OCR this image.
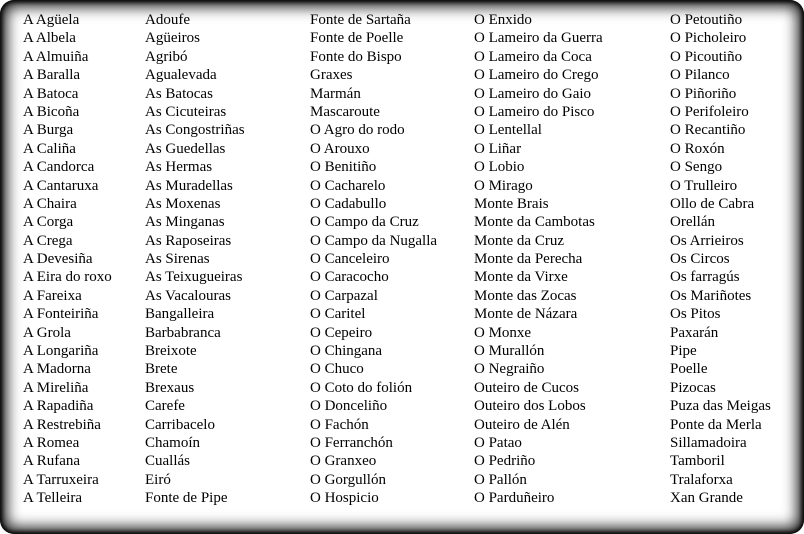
A Agüela
A Albela
A Almuiña
A Baralla
A Batoca
A Bicoña
A Burga
A Caliña
A Candorca
A Cantaruxa
A Chaira
A Corga
A Crega
A Devesiña
A Eira do roxo
A Fareixa
A Fonteiriña
A Grola
A Longariña
A Madorna
A Mireliña
A Rapadiña
A Restrebiña
A Romea
A Rufana
A Tarruxeira
A Telleira
Adoufe
Agüeiros
Agribó
Agualevada
As Batocas
As Cicuteiras
As Congostriñas
As Guedellas
As Hermas
As Muradellas
As Moxenas
As Minganas
As Raposeiras
As Sirenas
As Teixugueiras
As Vacalouras
Bangalleira
Barbabranca
Breixote
Brete
Brexaus
Carefe
Carribacelo
Chamoín
Cuallás
Eiró
Fonte de Pipe
Fonte de Sartaña
Fonte de Poelle
Fonte do Bispo
Graxes
Marmán
Mascaroute
O Agro do rodo
O Arouxo
O Benitiño
O Cacharelo
O Cadabullo
O Campo da Cruz
O Campo da Nugalla
O Canceleiro
O Caracocho
O Carpazal
O Caritel
O Cepeiro
O Chingana
O Chuco
O Coto do folión
O Donceliño
O Fachón
O Ferranchón
O Granxeo
O Gorgullón
O Hospicio
O Enxido
O Lameiro da Guerra
O Lameiro da Coca
O Lameiro do Crego
O Lameiro do Gaio
O Lameiro do Pisco
O Lentellal
O Liñar
O Lobio
O Mirago
Monte Brais
Monte da Cambotas
Monte da Cruz
Monte da Perecha
Monte da Virxe
Monte das Zocas
Monte de Názara
O Monxe
O Murallón
O Negraiño
Outeiro de Cucos
Outeiro dos Lobos
Outeiro de Alén
O Patao
O Pedriño
O Pallón
O Parduñeiro
O Petoutiño
O Picholeiro
O Picoutiño
O Pilanco
O Piñoriño
O Perifoleiro
O Recantiño
O Roxón
O Sengo
O Trulleiro
Ollo de Cabra
Orellán
Os Arrieiros
Os Circos
Os farragús
Os Mariñotes
Os Pitos
Paxarán
Pipe
Poelle
Pizocas
Puza das Meigas
Ponte da Merla
Sillamadoira
Tamboril
Tralaforxa
Xan Grande
